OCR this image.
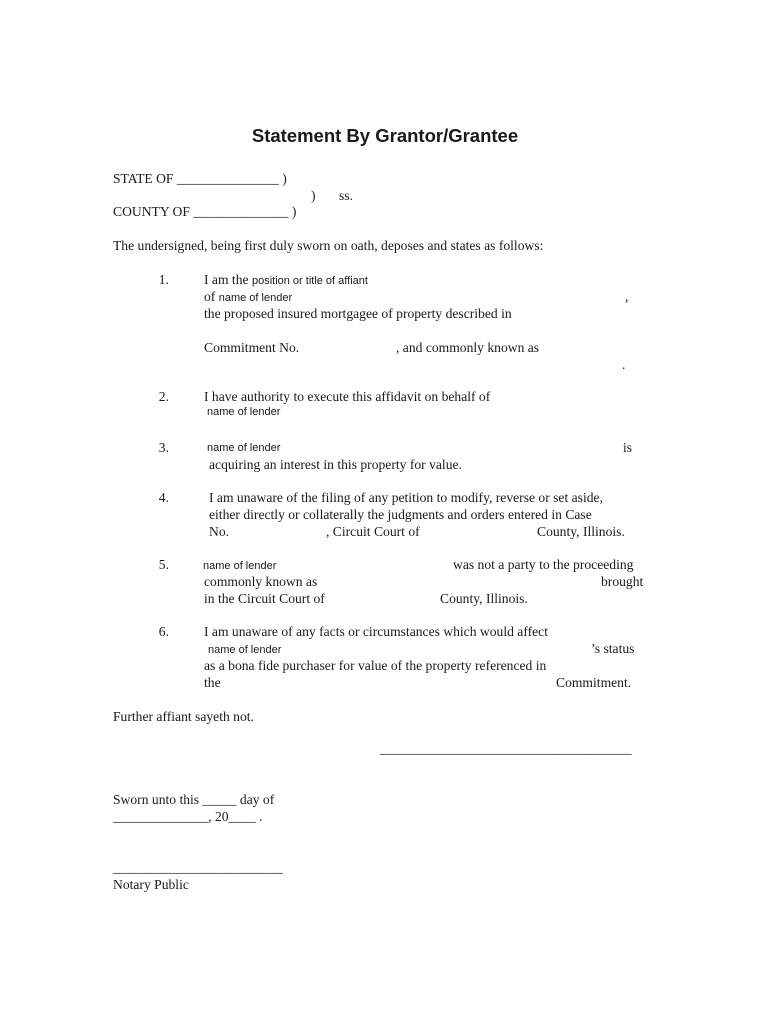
Statement By Grantor/Grantee
STATE OF _______________ )
) ss.
COUNTY OF ______________ )
The undersigned, being first duly sworn on oath, deposes and states as follows:
1.	I am the position or title of affiant
of name of lender	,
the proposed insured mortgagee of property described in
Commitment No.	, and commonly known as
.
2.	I have authority to execute this affidavit on behalf of
name of lender
3.	name of lender	is
acquiring an interest in this property for value.
4.	I am unaware of the filing of any petition to modify, reverse or set aside,
either directly or collaterally the judgments and orders entered in Case
No.	, Circuit Court of	County, Illinois.
5.	name of lender	was not a party to the proceeding
commonly known as	brought
in the Circuit Court of	County, Illinois.
6.	I am unaware of any facts or circumstances which would affect
name of lender	’s status
as a bona fide purchaser for value of the property referenced in
the	Commitment.
Further affiant sayeth not.
_____________________________________
Sworn unto this _____ day of
______________, 20____ .
_________________________
Notary Public
